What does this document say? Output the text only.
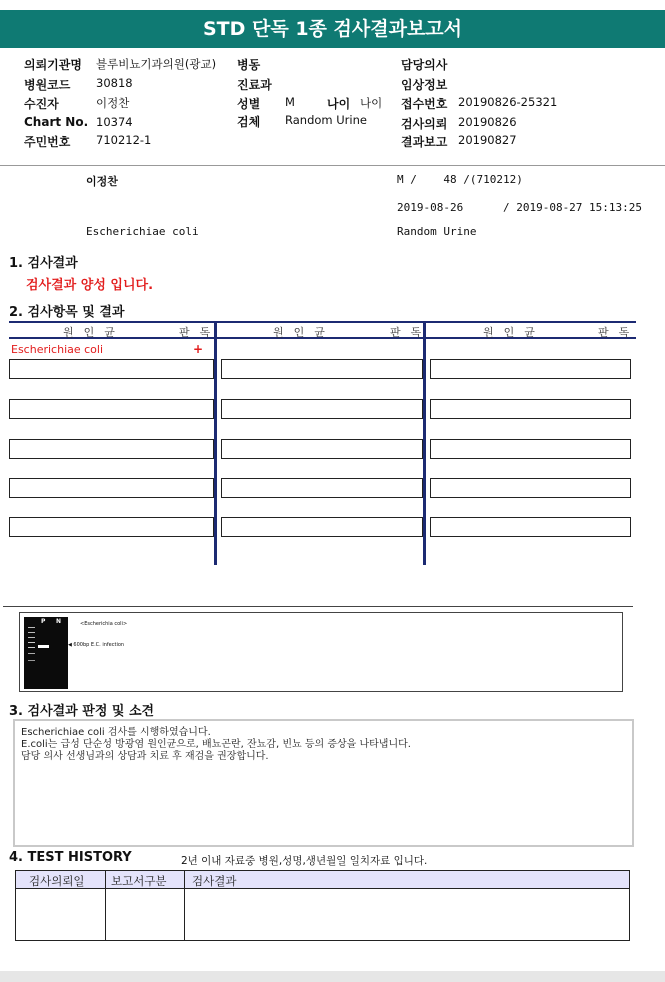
STD 단독 1종 검사결과보고서
의뢰기관명 블루비뇨기과의원(광교)
병원코드 30818
수진자	이정찬
Chart No. 10374
주민번호 710212-1
병동
진료과
성별 M	나이 나이
검체 Random Urine
담당의사
임상정보
접수번호 20190826-25321
검사의뢰 20190826
결과보고 20190827
이정찬	M /    48 /(710212)
2019-08-26      / 2019-08-27 15:13:25
Escherichiae coli	Random Urine
1. 검사결과
검사결과 양성 입니다.
2. 검사항목 및 결과
원인균	판독	원인균	판독	원인균	판독
Escherichiae coli	+
P N	<Escherichia coli>
◀ 600bp E.C. infection
3. 검사결과 판정 및 소견
Escherichiae coli 검사를 시행하였습니다.
E.coli는 급성 단순성 방광염 원인균으로, 배뇨곤란, 잔뇨감, 빈뇨 등의 증상을 나타냅니다.
담당 의사 선생님과의 상담과 치료 후 재검을 권장합니다.
4. TEST HISTORY	2년 이내 자료중 병원,성명,생년월일 일치자료 입니다.
검사의뢰일 보고서구분 검사결과
